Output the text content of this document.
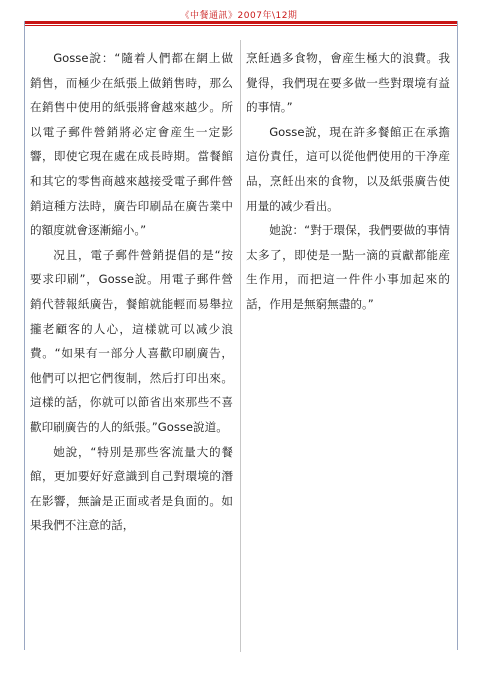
《中餐通訊》2007年\12期

Gosse說：“隨着人們都在網上做銷售，而極少在紙張上做銷售時，那么在銷售中使用的紙張將會越來越少。所以電子郵件營銷將必定會産生一定影響，即使它現在處在成長時期。當餐館和其它的零售商越來越接受電子郵件營銷這種方法時，廣告印刷品在廣告業中的額度就會逐漸縮小。”

况且，電子郵件營銷提倡的是“按要求印刷”，Gosse說。用電子郵件營銷代替報紙廣告，餐館就能輕而易舉拉攏老顧客的人心，這樣就可以减少浪費。“如果有一部分人喜歡印刷廣告，他們可以把它們復制，然后打印出來。這樣的話，你就可以節省出來那些不喜歡印刷廣告的人的紙張。”Gosse說道。

她說，“特別是那些客流量大的餐館，更加要好好意識到自己對環境的潛在影響，無論是正面或者是負面的。如果我們不注意的話，

烹飪過多食物，會産生極大的浪費。我覺得，我們現在要多做一些對環境有益的事情。”

Gosse說，現在許多餐館正在承擔這份責任，這可以從他們使用的干净産品，烹飪出來的食物，以及紙張廣告使用量的减少看出。

她說：“對于環保，我們要做的事情太多了，即使是一點一滴的貢獻都能産生作用，而把這一件件小事加起來的話，作用是無窮無盡的。”
